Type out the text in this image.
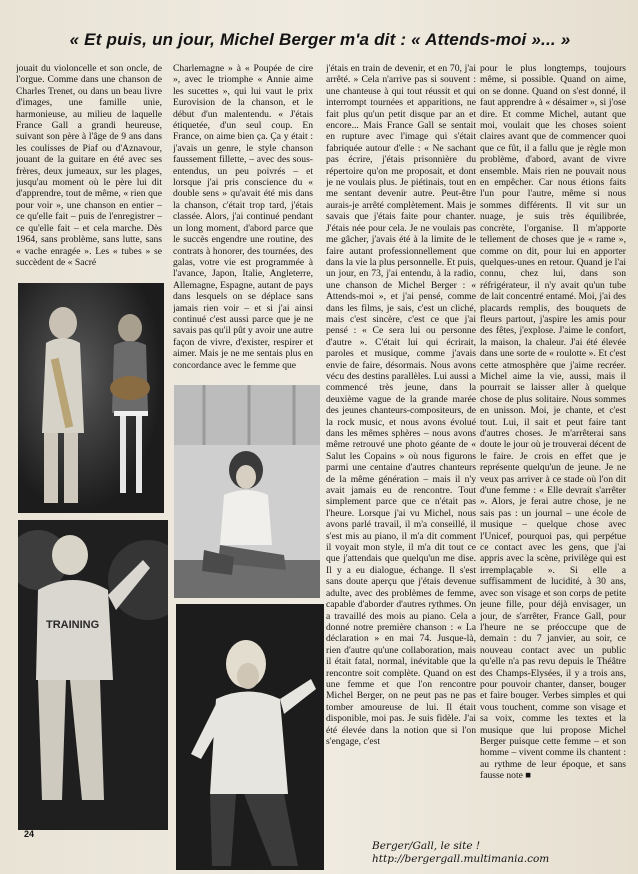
« Et puis, un jour, Michel Berger m'a dit : « Attends-moi »... »

jouait du violoncelle et son oncle, de l'orgue. Comme dans une chanson de Charles Trenet, ou dans un beau livre d'images, une famille unie, harmonieuse, au milieu de laquelle France Gall a grandi heureuse, suivant son père à l'âge de 9 ans dans les coulisses de Piaf ou d'Aznavour, jouant de la guitare en été avec ses frères, deux jumeaux, sur les plages, jusqu'au moment où le père lui dit d'apprendre, tout de même, « rien que pour voir », une chanson en entier – ce qu'elle fait – puis de l'enregistrer – ce qu'elle fait – et cela marche. Dès 1964, sans problème, sans lutte, sans « vache enragée ». Les « tubes » se succèdent de « Sacré

Charlemagne » à « Poupée de cire », avec le triomphe « Annie aime les sucettes », qui lui vaut le prix Eurovision de la chanson, et le début d'un malentendu. « J'étais étiquetée, d'un seul coup. En France, on aime bien ça. Ça y était : j'avais un genre, le style chanson faussement fillette, – avec des sous-entendus, un peu poivrés – et lorsque j'ai pris conscience du « double sens » qu'avait été mis dans la chanson, c'était trop tard, j'étais classée. Alors, j'ai continué pendant un long moment, d'abord parce que le succès engendre une routine, des contrats à honorer, des tournées, des galas, votre vie est programmée à l'avance, Japon, Italie, Angleterre, Allemagne, Espagne, autant de pays dans lesquels on se déplace sans jamais rien voir – et si j'ai ainsi continué c'est aussi parce que je ne savais pas qu'il pût y avoir une autre façon de vivre, d'exister, respirer et aimer. Mais je ne me sentais plus en concordance avec le femme que

j'étais en train de devenir, et en 70, j'ai arrêté. » Cela n'arrive pas si souvent : une chanteuse à qui tout réussit et qui interrompt tournées et apparitions, ne fait plus qu'un petit disque par an et encore... Mais France Gall se sentait en rupture avec l'image qui s'était fabriquée autour d'elle : « Ne sachant pas écrire, j'étais prisonnière du répertoire qu'on me proposait, et dont je ne voulais plus. Je piétinais, tout en me sentant devenir autre. Peut-être aurais-je arrêté complètement. Mais je savais que j'étais faite pour chanter. J'étais née pour cela. Je ne voulais pas me gâcher, j'avais été à la limite de le faire autant professionnellement que dans la vie la plus personnelle. Et puis, un jour, en 73, j'ai entendu, à la radio, une chanson de Michel Berger : « Attends-moi », et j'ai pensé, comme dans les films, je sais, c'est un cliché, mais c'est sincère, c'est ce que j'ai pensé : « Ce sera lui ou personne d'autre ». C'était lui qui écrirait, paroles et musique, comme j'avais envie de faire, désormais. Nous avons vécu des destins parallèles. Lui aussi a commencé très jeune, dans la deuxième vague de la grande marée des jeunes chanteurs-compositeurs, de la rock music, et nous avons évolué dans les mêmes sphères – nous avons même retrouvé une photo géante de « Salut les Copains » où nous figurons parmi une centaine d'autres chanteurs de la même génération – mais il n'y avait jamais eu de rencontre. Tout simplement parce que ce n'était pas l'heure. Lorsque j'ai vu Michel, nous avons parlé travail, il m'a conseillé, il s'est mis au piano, il m'a dit comment il voyait mon style, il m'a dit tout ce que j'attendais que quelqu'un me dise. Il y a eu dialogue, échange. Il s'est sans doute aperçu que j'étais devenue adulte, avec des problèmes de femme, capable d'aborder d'autres rythmes. On a travaillé des mois au piano. Cela a donné notre première chanson : « La déclaration » en mai 74. Jusque-là, rien d'autre qu'une collaboration, mais il était fatal, normal, inévitable que la rencontre soit complète. Quand on est une femme et que l'on rencontre Michel Berger, on ne peut pas ne pas tomber amoureuse de lui. Il était disponible, moi pas. Je suis fidèle. J'ai été élevée dans la notion que si l'on s'engage, c'est

pour le plus longtemps, toujours même, si possible. Quand on aime, on se donne. Quand on s'est donné, il faut apprendre à « désaimer », si j'ose dire. Et comme Michel, autant que moi, voulait que les choses soient claires avant que de commencer quoi que ce fût, il a fallu que je règle mon problème, d'abord, avant de vivre ensemble. Mais rien ne pouvait nous en empêcher. Car nous étions faits l'un pour l'autre, même si nous sommes différents. Il vit sur un nuage, je suis très équilibrée, concrète, l'organise. Il m'apporte tellement de choses que je « rame », comme on dit, pour lui en apporter quelques-unes en retour. Quand je l'ai connu, chez lui, dans son réfrigérateur, il n'y avait qu'un tube de lait concentré entamé. Moi, j'ai des placards remplis, des bouquets de fleurs partout, j'aspire les amis pour des fêtes, j'explose. J'aime le confort, la maison, la chaleur. J'ai été élevée dans une sorte de « roulotte ». Et c'est cette atmosphère que j'aime recréer. Michel aime la vie, aussi, mais il pourrait se laisser aller à quelque chose de plus solitaire. Nous sommes en unisson. Moi, je chante, et c'est tout. Lui, il sait et peut faire tant d'autres choses. Je m'arrêterai sans doute le jour où je trouverai décent de le faire. Je crois en effet que je représente quelqu'un de jeune. Je ne veux pas arriver à ce stade où l'on dit d'une femme : « Elle devrait s'arrêter ». Alors, je ferai autre chose, je ne sais pas : un journal – une école de musique – quelque chose avec l'Unicef, pourquoi pas, qui perpétue ce contact avec les gens, que j'ai appris avec la scène, privilège qui est irremplaçable ». Si elle a suffisamment de lucidité, à 30 ans, avec son visage et son corps de petite jeune fille, pour déjà envisager, un jour, de s'arrêter, France Gall, pour l'heure ne se préoccupe que de demain : du 7 janvier, au soir, ce nouveau contact avec un public qu'elle n'a pas revu depuis le Théâtre des Champs-Elysées, il y a trois ans, pour pouvoir chanter, danser, bouger et faire bouger. Verbes simples et qui vous touchent, comme son visage et sa voix, comme les textes et la musique que lui propose Michel Berger puisque cette femme – et son homme – vivent comme ils chantent : au rythme de leur époque, et sans fausse note ■

TRAINING
24
Berger/Gall, le site !
http://bergergall.multimania.com
